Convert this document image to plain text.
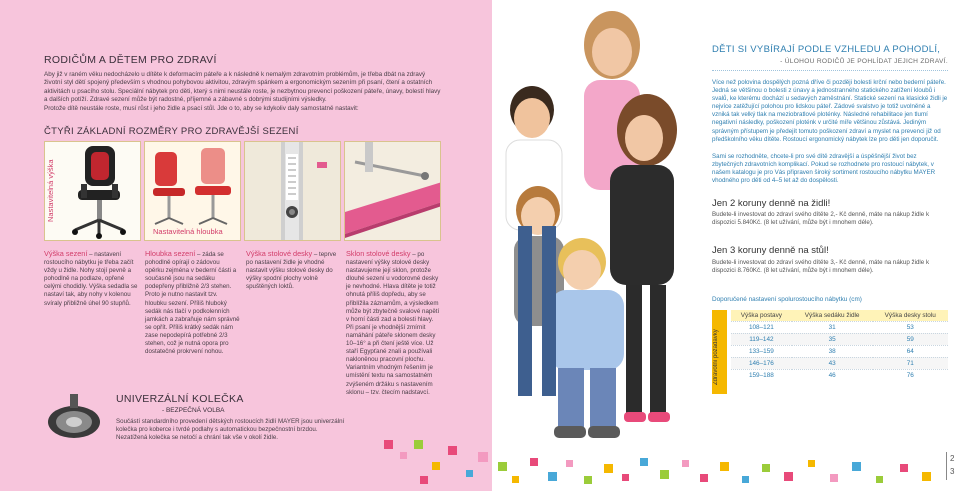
RODIČŮM A DĚTEM PRO ZDRAVÍ
Aby již v raném věku nedocházelo u dítěte k deformacím páteře a k následně k nemalým zdravotním problémům, je třeba dbát na zdravý životní styl dětí spojený především s vhodnou pohybovou aktivitou, zdravým spánkem a ergonomickým sezením při psaní, čtení a ostatních aktivitách u psacího stolu. Speciální nábytek pro děti, který s nimi neustále roste, je nezbytnou prevencí poškození páteře, únavy, bolestí hlavy a dalších potíží. Zdravé sezení může být radostné, příjemné a zábavné s dobrými studijními výsledky.
Protože dítě neustále roste, musí růst i jeho židle a psací stůl. Jde o to, aby se kdykoliv daly samostatně nastavit:
ČTYŘI ZÁKLADNÍ ROZMĚRY PRO ZDRAVĚJŠÍ SEZENÍ
Nastavitelná výška
Nastavitelná hloubka
Výška sezení – nastavení rostoucího nábytku je třeba začít vždy u židle. Nohy stojí pevně a pohodlně na podlaze, opřené celými chodidly. Výška sedadla se nastaví tak, aby nohy v kolenou svíraly přibližně úhel 90 stupňů.
Hloubka sezení – záda se pohodlně opírají o zádovou opěrku zejména v bederní části a současně jsou na sedáku podepřeny přibližně 2/3 stehen. Proto je nutno nastavit tzv. hloubku sezení. Příliš hluboký sedák nás tlačí v podkolenních jamkách a zabraňuje nám správně se opřít. Příliš krátký sedák nám zase nepodepírá potřebné 2/3 stehen, což je nutná opora pro dostatečné prokrvení nohou.
Výška stolové desky – teprve po nastavení židle je vhodné nastavit výšku stolové desky do výšky spodní plochy volně spuštěných loktů.
Sklon stolové desky – po nastavení výšky stolové desky nastavujeme její sklon, protože dlouhé sezení u vodorovné desky je nevhodné. Hlava dítěte je totiž ohnutá příliš dopředu, aby se přiblížila záznamům, a výsledkem může být zbytečně svalové napětí v horní části zad a bolesti hlavy. Při psaní je vhodnější zmírnit namáhání páteře sklonem desky 10–16° a při čtení ještě více. Už staří Egypťané znali a používali nakloněnou pracovní plochu. Variantním vhodným řešením je umístění textu na samostatném zvýšeném držáku s nastavením sklonu – tzv. čtecím nadstavcí.
UNIVERZÁLNÍ KOLEČKA
- BEZPEČNÁ VOLBA
Součástí standardního provedení dětských rostoucích židlí MAYER jsou univerzální kolečka pro koberce i tvrdé podlahy s automatickou bezpečnostní brzdou. Nezatížená kolečka se netočí a chrání tak vše v okolí židle.
DĚTI SI VYBÍRAJÍ PODLE VZHLEDU A POHODLÍ,
- ÚLOHOU RODIČŮ JE POHLÍDAT JEJICH ZDRAVÍ.
Více než polovina dospělých pozná dříve či později bolesti krční nebo bederní páteře. Jedná se většinou o bolesti z únavy a jednostranného statického zatížení kloubů i svalů, ke kterému dochází u sedavých zaměstnání. Statické sezení na klasické židli je nejvíce zatěžující polohou pro lidskou páteř. Zádové svalstvo je totiž uvolněné a vzniká tak velký tlak na meziobratlové ploténky. Následné rehabilitace jen tlumí negativní následky, poškození ploténk v určité míře většinou zůstává. Jediným správným přístupem je předejít tomuto poškození zdraví a myslet na prevenci již od předškolního věku dítěte. Rostoucí ergonomický nábytek lze pro děti jen doporučit.
Sami se rozhodněte, chcete-li pro své dítě zdravější a úspěšnější život bez zbytečných zdravotních komplikací. Pokud se rozhodnete pro rostoucí nábytek, v našem katalogu je pro Vás připraven široký sortiment rostoucího nábytku MAYER vhodného pro děti od 4–5 let až do dospělosti.
Jen 2 koruny denně na židli!
Budete-li investovat do zdraví svého dítěte 2,- Kč denně, máte na nákup židle k dispozici 5.840Kč. (8 let užívání, může být i mnohem déle).
Jen 3 koruny denně na stůl!
Budete-li investovat do zdraví svého dítěte 3,- Kč denně, máte na nákup židle k dispozici 8.760Kč. (8 let užívání, může být i mnohem déle).
Doporučené nastavení spolurostoucího nábytku (cm)
Zdravotní požadavky
Výška postavy	Výška sedáku židle	Výška desky stolu
108–121	31	53
119–142	35	59
133–159	38	64
146–176	43	71
159–188	46	76
2
3
